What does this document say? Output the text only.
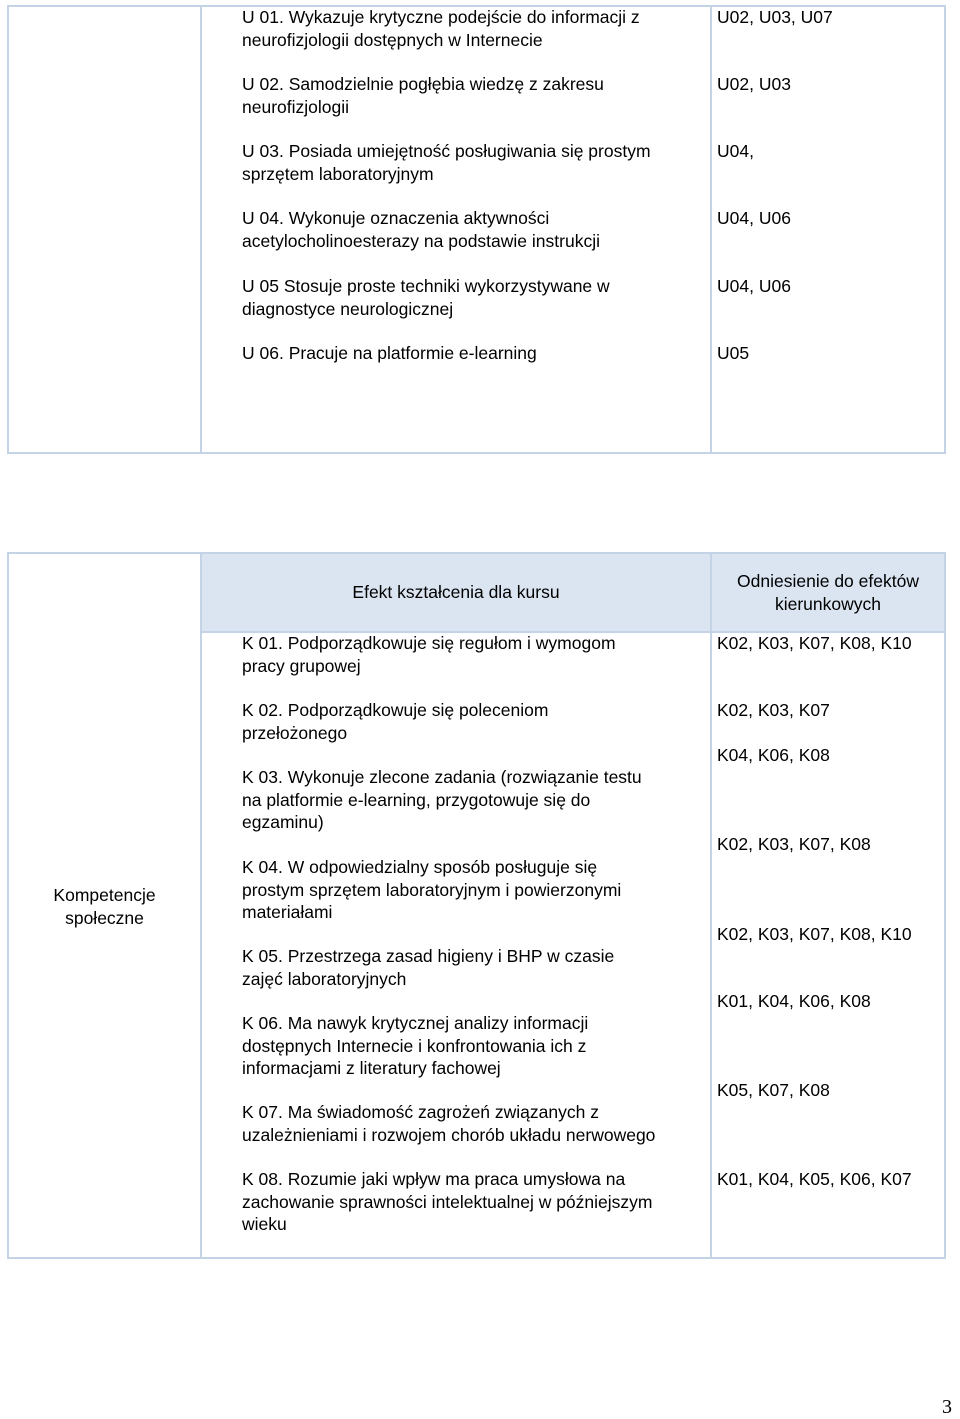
U 01. Wykazuje krytyczne podejście do informacji z
neurofizjologii dostępnych w Internecie
U 02. Samodzielnie pogłębia wiedzę z zakresu
neurofizjologii
U 03. Posiada umiejętność posługiwania się prostym
sprzętem laboratoryjnym
U 04. Wykonuje oznaczenia aktywności
acetylocholinoesterazy na podstawie instrukcji
U 05 Stosuje proste techniki wykorzystywane w
diagnostyce neurologicznej
U 06. Pracuje na platformie e-learning
U02, U03, U07
U02, U03
U04,
U04, U06
U04, U06
U05
Kompetencje
społeczne
Efekt kształcenia dla kursu
Odniesienie do efektów
kierunkowych
K 01. Podporządkowuje się regułom i wymogom
pracy grupowej
K 02. Podporządkowuje się poleceniom
przełożonego
K 03. Wykonuje zlecone zadania (rozwiązanie testu
na platformie e-learning, przygotowuje się do
egzaminu)
K 04. W odpowiedzialny sposób posługuje się
prostym sprzętem laboratoryjnym i powierzonymi
materiałami
K 05. Przestrzega zasad higieny i BHP w czasie
zajęć laboratoryjnych
K 06. Ma nawyk krytycznej analizy informacji
dostępnych Internecie i konfrontowania ich z
informacjami z literatury fachowej
K 07. Ma świadomość zagrożeń związanych z
uzależnieniami i rozwojem chorób układu nerwowego
K 08. Rozumie jaki wpływ ma praca umysłowa na
zachowanie sprawności intelektualnej w późniejszym
wieku
K02, K03, K07, K08, K10
K02, K03, K07
K04, K06, K08
K02, K03, K07, K08
K02, K03, K07, K08, K10
K01, K04, K06, K08
K05, K07, K08
K01, K04, K05, K06, K07
3
